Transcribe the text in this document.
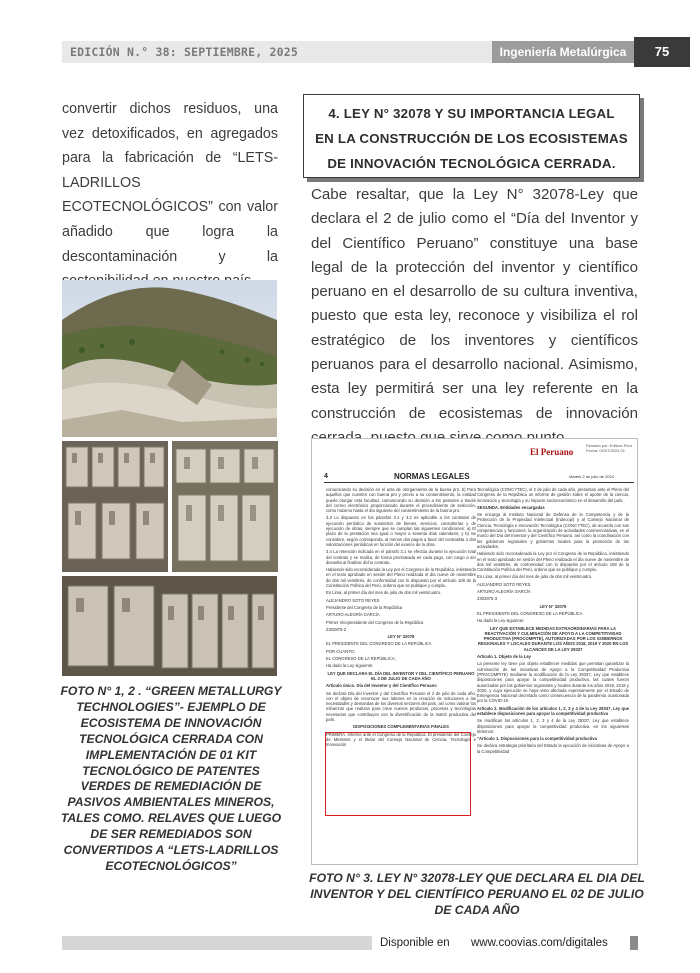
EDICIÓN N.° 38: SEPTIEMBRE, 2025	Ingeniería Metalúrgica	75
convertir dichos residuos, una vez detoxificados, en agregados para la fabricación de “LETS-LADRILLOS ECOTECNOLÓGICOS” con valor añadido que logra la descontaminación y la
FOTO N° 1, 2 . “GREEN METALLURGY TECHNOLOGIES”- EJEMPLO DE ECOSISTEMA DE INNOVACIÓN TECNOLÓGICA CERRADA CON IMPLEMENTACIÓN DE 01 KIT TECNOLÓGICO DE PATENTES VERDES DE REMEDIACIÓN DE PASIVOS AMBIENTALES MINEROS, TALES COMO. RELAVES QUE LUEGO DE SER REMEDIADOS SON CONVERTIDOS A “LETS-LADRILLOS ECOTECNOLÓGICOS”
4. LEY N° 32078 Y SU IMPORTANCIA LEGAL
EN LA CONSTRUCCIÓN DE LOS ECOSISTEMAS
DE INNOVACIÓN TECNOLÓGICA CERRADA.
Cabe resaltar, que la Ley N° 32078-Ley que declara el 2 de julio como el “Día del Inventor y del Científico Peruano” constituye una base legal de la protección del inventor y científico peruano en el desarrollo de su cultura inventiva, puesto que esta ley, reconoce y visibiliza el rol estratégico de los inventores y científicos peruanos para el desarrollo nacional. Asimismo, esta ley permitirá ser una ley referente en la construcción de ecosistemas de innovación
El Peruano
Firmado por: Editora Perú Fecha: 02/07/2024 01
4	NORMAS LEGALES	Martes 2 de julio de 2024

comunicando su decisión en el acta de otorgamiento de la buena pro. b) Para aquellos que cuenten con buena pro y previo a su consentimiento, la entidad puede otorgar esta facultad, comunicando su decisión a los postores a través del correo electrónico proporcionado durante el procedimiento de selección, como máximo hasta el día siguiente del consentimiento de la buena pro.

3.3 Lo dispuesto en los párrafos 3.1 y 3.2 es aplicable a los contratos de ejecución periódica de suministro de bienes, servicios, consultorías y de ejecución de obras, siempre que se cumplan las siguientes condiciones: a) El plazo de la prestación sea igual o mayor a sesenta días calendario; y b) Se considere, según corresponda, al menos dos pagos a favor del contratista o dos valorizaciones periódicas en función del avance de la obra.

3.4 La retención indicada en el párrafo 3.1 se efectúa durante la ejecución total del contrato y se realiza, de forma prorrateada en cada pago, con cargo a ser devuelta al finalizar dicho contrato.

Habiendo sido reconsiderada la Ley por el Congreso de la República, insistiendo en el texto aprobado en sesión del Pleno realizada el día nueve de noviembre de dos mil veintitrés, de conformidad con lo dispuesto por el artículo 108 de la Constitución Política del Perú, ordeno que se publique y cumpla.

En Lima, al primer día del mes de julio de dos mil veinticuatro.

ALEJANDRO SOTO REYES

Presidente del Congreso de la República

ARTURO ALEGRÍA GARCÍA

Primer Vicepresidente del Congreso de la República

2302875-2

LEY N° 32078

EL PRESIDENTE DEL CONGRESO DE LA REPÚBLICA

POR CUANTO:

EL CONGRESO DE LA REPÚBLICA;

Ha dado la Ley siguiente:

LEY QUE DECLARA EL DÍA DEL INVENTOR Y DEL CIENTÍFICO PERUANO EL 2 DE JULIO DE CADA AÑO

Artículo único. Día del Inventor y del Científico Peruano

Se declara Día del Inventor y del Científico Peruano el 2 de julio de cada año, con el objeto de reconocer sus labores en la creación de soluciones a las necesidades y demandas de los diversos sectores del país, así como valorar los esfuerzos que realizan para crear nuevos productos, procesos y tecnologías necesarios que contribuyen con la diversificación de la matriz productiva del país.

DISPOSICIONES COMPLEMENTARIAS FINALES

PRIMERA. Informe ante el Congreso de la República. El presidente del Consejo de Ministros y el titular del Consejo Nacional de Ciencia, Tecnología e Innovación

Tecnológica (CONCYTEC), el 2 de julio de cada año, presentan ante el Pleno del Congreso de la República un informe de gestión sobre el aporte de la ciencia, innovación y tecnología y su impacto socioeconómico en el desarrollo del país.

SEGUNDA. Entidades encargadas

Se encarga al Instituto Nacional de Defensa de la Competencia y de la Protección de la Propiedad Intelectual (Indecopi) y al Consejo Nacional de Ciencia, Tecnología e Innovación Tecnológica (CONCYTEC), de acuerdo con sus competencias y funciones, la organización de actividades conmemorativas, en el marco del Día del Inventor y del Científico Peruano, así como la coordinación con los gobiernos regionales y gobiernos locales para la promoción de las actividades.

Habiendo sido reconsiderada la Ley por el Congreso de la República, insistiendo en el texto aprobado en sesión del Pleno realizada el día nueve de noviembre de dos mil veintitrés, de conformidad con lo dispuesto por el artículo 108 de la Constitución Política del Perú, ordeno que se publique y cumpla.

En Lima, al primer día del mes de julio de dos mil veinticuatro.

ALEJANDRO SOTO REYES

ARTURO ALEGRÍA GARCÍA

2302875-3

LEY N° 32079

EL PRESIDENTE DEL CONGRESO DE LA REPÚBLICA

Ha dado la Ley siguiente:

LEY QUE ESTABLECE MEDIDAS EXTRAORDINARIAS PARA LA REACTIVACIÓN Y CULMINACIÓN DE APOYO A LA COMPETITIVIDAD PRODUCTIVA (PROCOMPITE), AUTORIZADAS POR LOS GOBIERNOS REGIONALES Y LOCALES DURANTE LOS AÑOS 2018, 2019 Y 2020 EN LOS ALCANCES DE LA LEY 29337

Artículo 1. Objeto de la Ley

La presente ley tiene por objeto establecer medidas que permitan garantizar la culminación de las iniciativas de Apoyo a la Competitividad Productiva (PROCOMPITE) mediante la modificación de la Ley 29337, Ley que establece disposiciones para apoyar la competitividad productiva, las cuales fueron autorizadas por los gobiernos regionales y locales durante los años 2018, 2019 y 2020, y cuya ejecución se haya visto afectada expresamente por el Estado de Emergencia Nacional decretado como consecuencia de la pandemia ocasionada por la COVID-19.

Artículo 2. Modificación de los artículos 1, 2, 3 y 4 de la Ley 29337, Ley que establece disposiciones para apoyar la competitividad productiva

Se modifican los artículos 1, 2, 3 y 4 de la Ley 29337, Ley que establece disposiciones para apoyar la competitividad productiva, en los siguientes términos:

"Artículo 1. Disposiciones para la competitividad productiva

Se declara estrategia prioritaria del Estado la ejecución de iniciativas de Apoyo a la Competitividad

FOTO N° 3. LEY N° 32078-LEY QUE DECLARA EL DIA DEL INVENTOR Y DEL CIENTÍFICO PERUANO EL 02 DE JULIO DE CADA AÑO
Disponible en www.coovias.com/digitales
